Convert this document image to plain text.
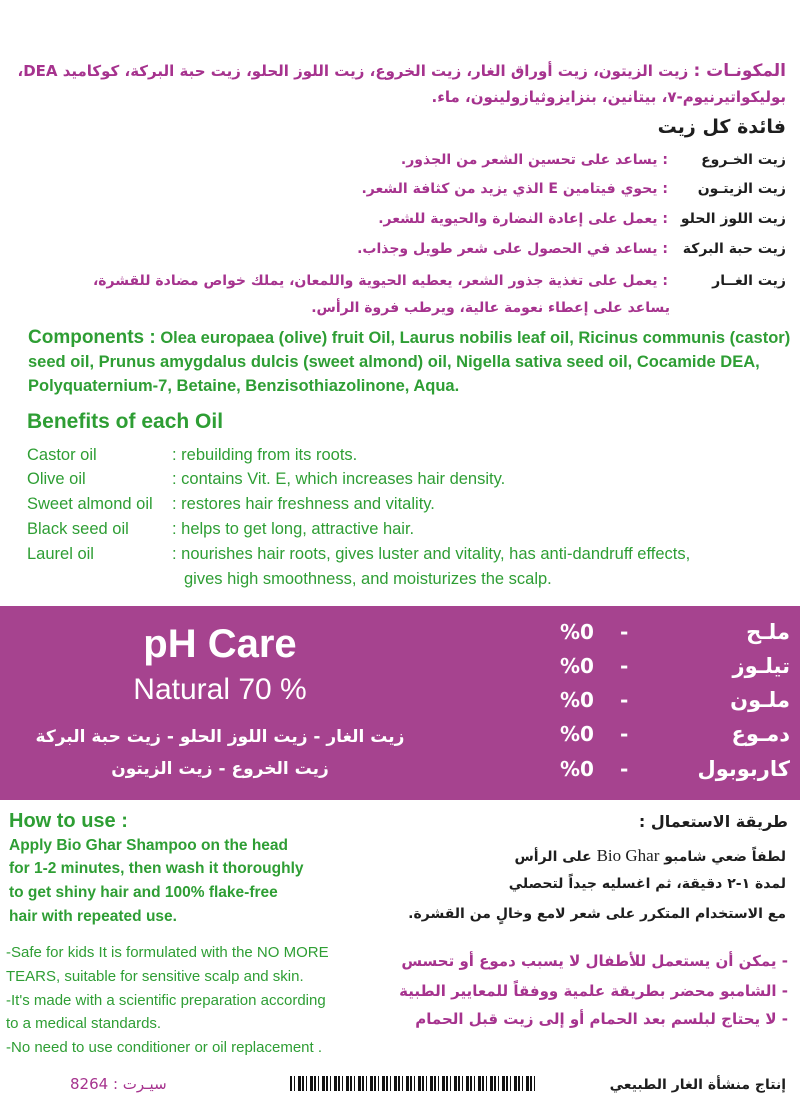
المكونـات : زيت الزيتون، زيت أوراق الغار، زيت الخروع، زيت اللوز الحلو، زيت حبة البركة، كوكاميد DEA،
بوليكواتيرنيوم-٧، بيتانين، بنزايزوثيازولينون، ماء.
فائدة كل زيت
زيت الخـروع: يساعد على تحسين الشعر من الجذور.
زيت الزيتـون: يحوي فيتامين E الذي يزيد من كثافة الشعر.
زيت اللوز الحلو: يعمل على إعادة النضارة والحيوية للشعر.
زيت حبة البركة: يساعد في الحصول على شعر طويل وجذاب.
زيت الغــار: يعمل على تغذية جذور الشعر، يعطيه الحيوية واللمعان، يملك خواص مضادة للقشرة،
يساعد على إعطاء نعومة عالية، ويرطب فروة الرأس.
Components : Olea europaea (olive) fruit Oil, Laurus nobilis leaf oil, Ricinus communis (castor) seed oil, Prunus amygdalus dulcis (sweet almond) oil, Nigella sativa seed oil, Cocamide DEA, Polyquaternium-7, Betaine, Benzisothiazolinone, Aqua.
Benefits of each Oil
Castor oil	: rebuilding from its roots.
Olive oil	: contains Vit. E, which increases hair density.
Sweet almond oil : restores hair freshness and vitality.
Black seed oil	: helps to get long, attractive hair.
Laurel oil	: nourishes hair roots, gives luster and vitality, has anti-dandruff effects,
gives high smoothness, and moisturizes the scalp.
pH Care
Natural 70 %
زيت الغار - زيت اللوز الحلو - زيت حبة البركة
زيت الخروع - زيت الزيتون
%0 -	ملـح
%0 -	تيلـوز
%0 -	ملـون
%0 -	دمـوع
%0 -	كاربوبول
How to use :
Apply Bio Ghar Shampoo on the head
for 1-2 minutes, then wash it thoroughly
to get shiny hair and 100% flake-free
hair with repeated use.
طريقة الاستعمال :
لطفاً ضعي شامبو Bio Ghar على الرأس
لمدة ١-٢ دقيقة، ثم اغسليه جيداً لتحصلي
مع الاستخدام المتكرر على شعر لامع وخالٍ من القشرة.
-Safe for kids It is formulated with the NO MORE
TEARS, suitable for sensitive scalp and skin.
-It's made with a scientific preparation according
to a medical standards.
-No need to use conditioner or oil replacement .
- يمكن أن يستعمل للأطفال لا يسبب دموع أو تحسس
- الشامبو محضر بطريقة علمية ووفقاً للمعايير الطبية
- لا يحتاج لبلسم بعد الحمام أو إلى زيت قبل الحمام
8264 : سيـرت	إنتاج منشأة الغار الطبيعي
